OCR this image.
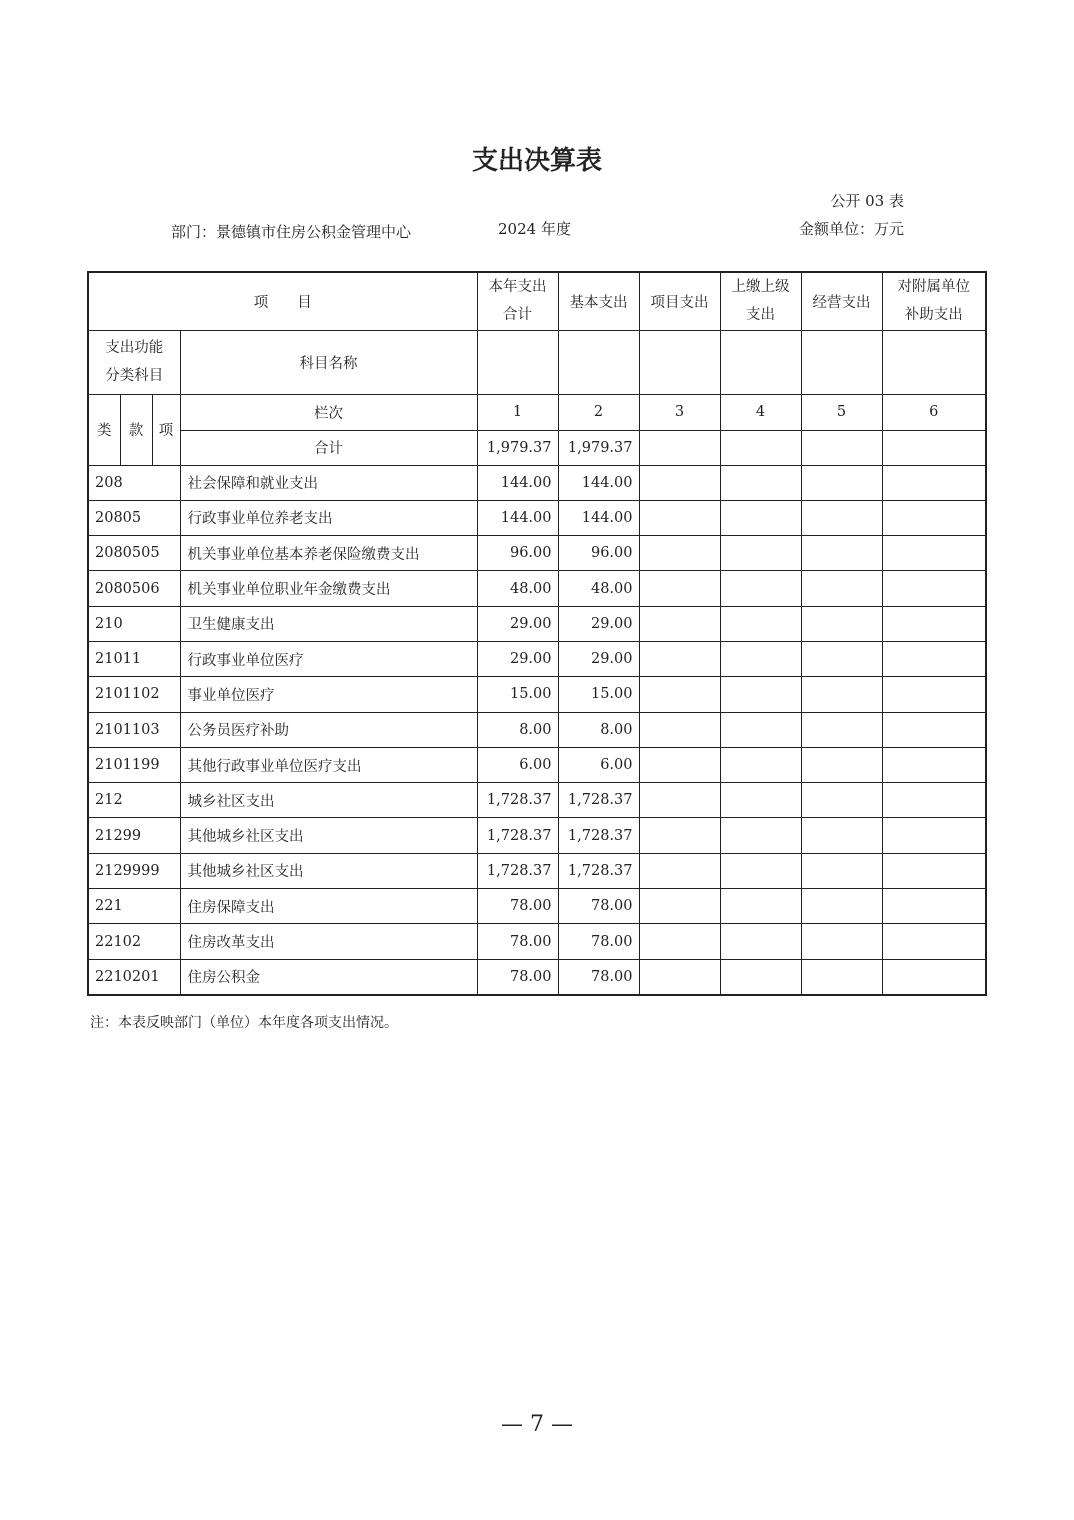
支出决算表
公开 03 表
部门：景德镇市住房公积金管理中心	2024 年度	金额单位：万元
项　　目				本年支出合计	基本支出	项目支出	上缴上级支出	经营支出	对附属单位补助支出
支出功能分类科目			科目名称						
类	款	项	栏次	1	2	3	4	5	6
			合计	1,979.37	1,979.37				
208			社会保障和就业支出	144.00	144.00				
20805			行政事业单位养老支出	144.00	144.00				
2080505			机关事业单位基本养老保险缴费支出	96.00	96.00				
2080506			机关事业单位职业年金缴费支出	48.00	48.00				
210			卫生健康支出	29.00	29.00				
21011			行政事业单位医疗	29.00	29.00				
2101102			事业单位医疗	15.00	15.00				
2101103			公务员医疗补助	8.00	8.00				
2101199			其他行政事业单位医疗支出	6.00	6.00				
212			城乡社区支出	1,728.37	1,728.37				
21299			其他城乡社区支出	1,728.37	1,728.37				
2129999			其他城乡社区支出	1,728.37	1,728.37				
221			住房保障支出	78.00	78.00				
22102			住房改革支出	78.00	78.00				
2210201			住房公积金	78.00	78.00				
注：本表反映部门（单位）本年度各项支出情况。
— 7 —
